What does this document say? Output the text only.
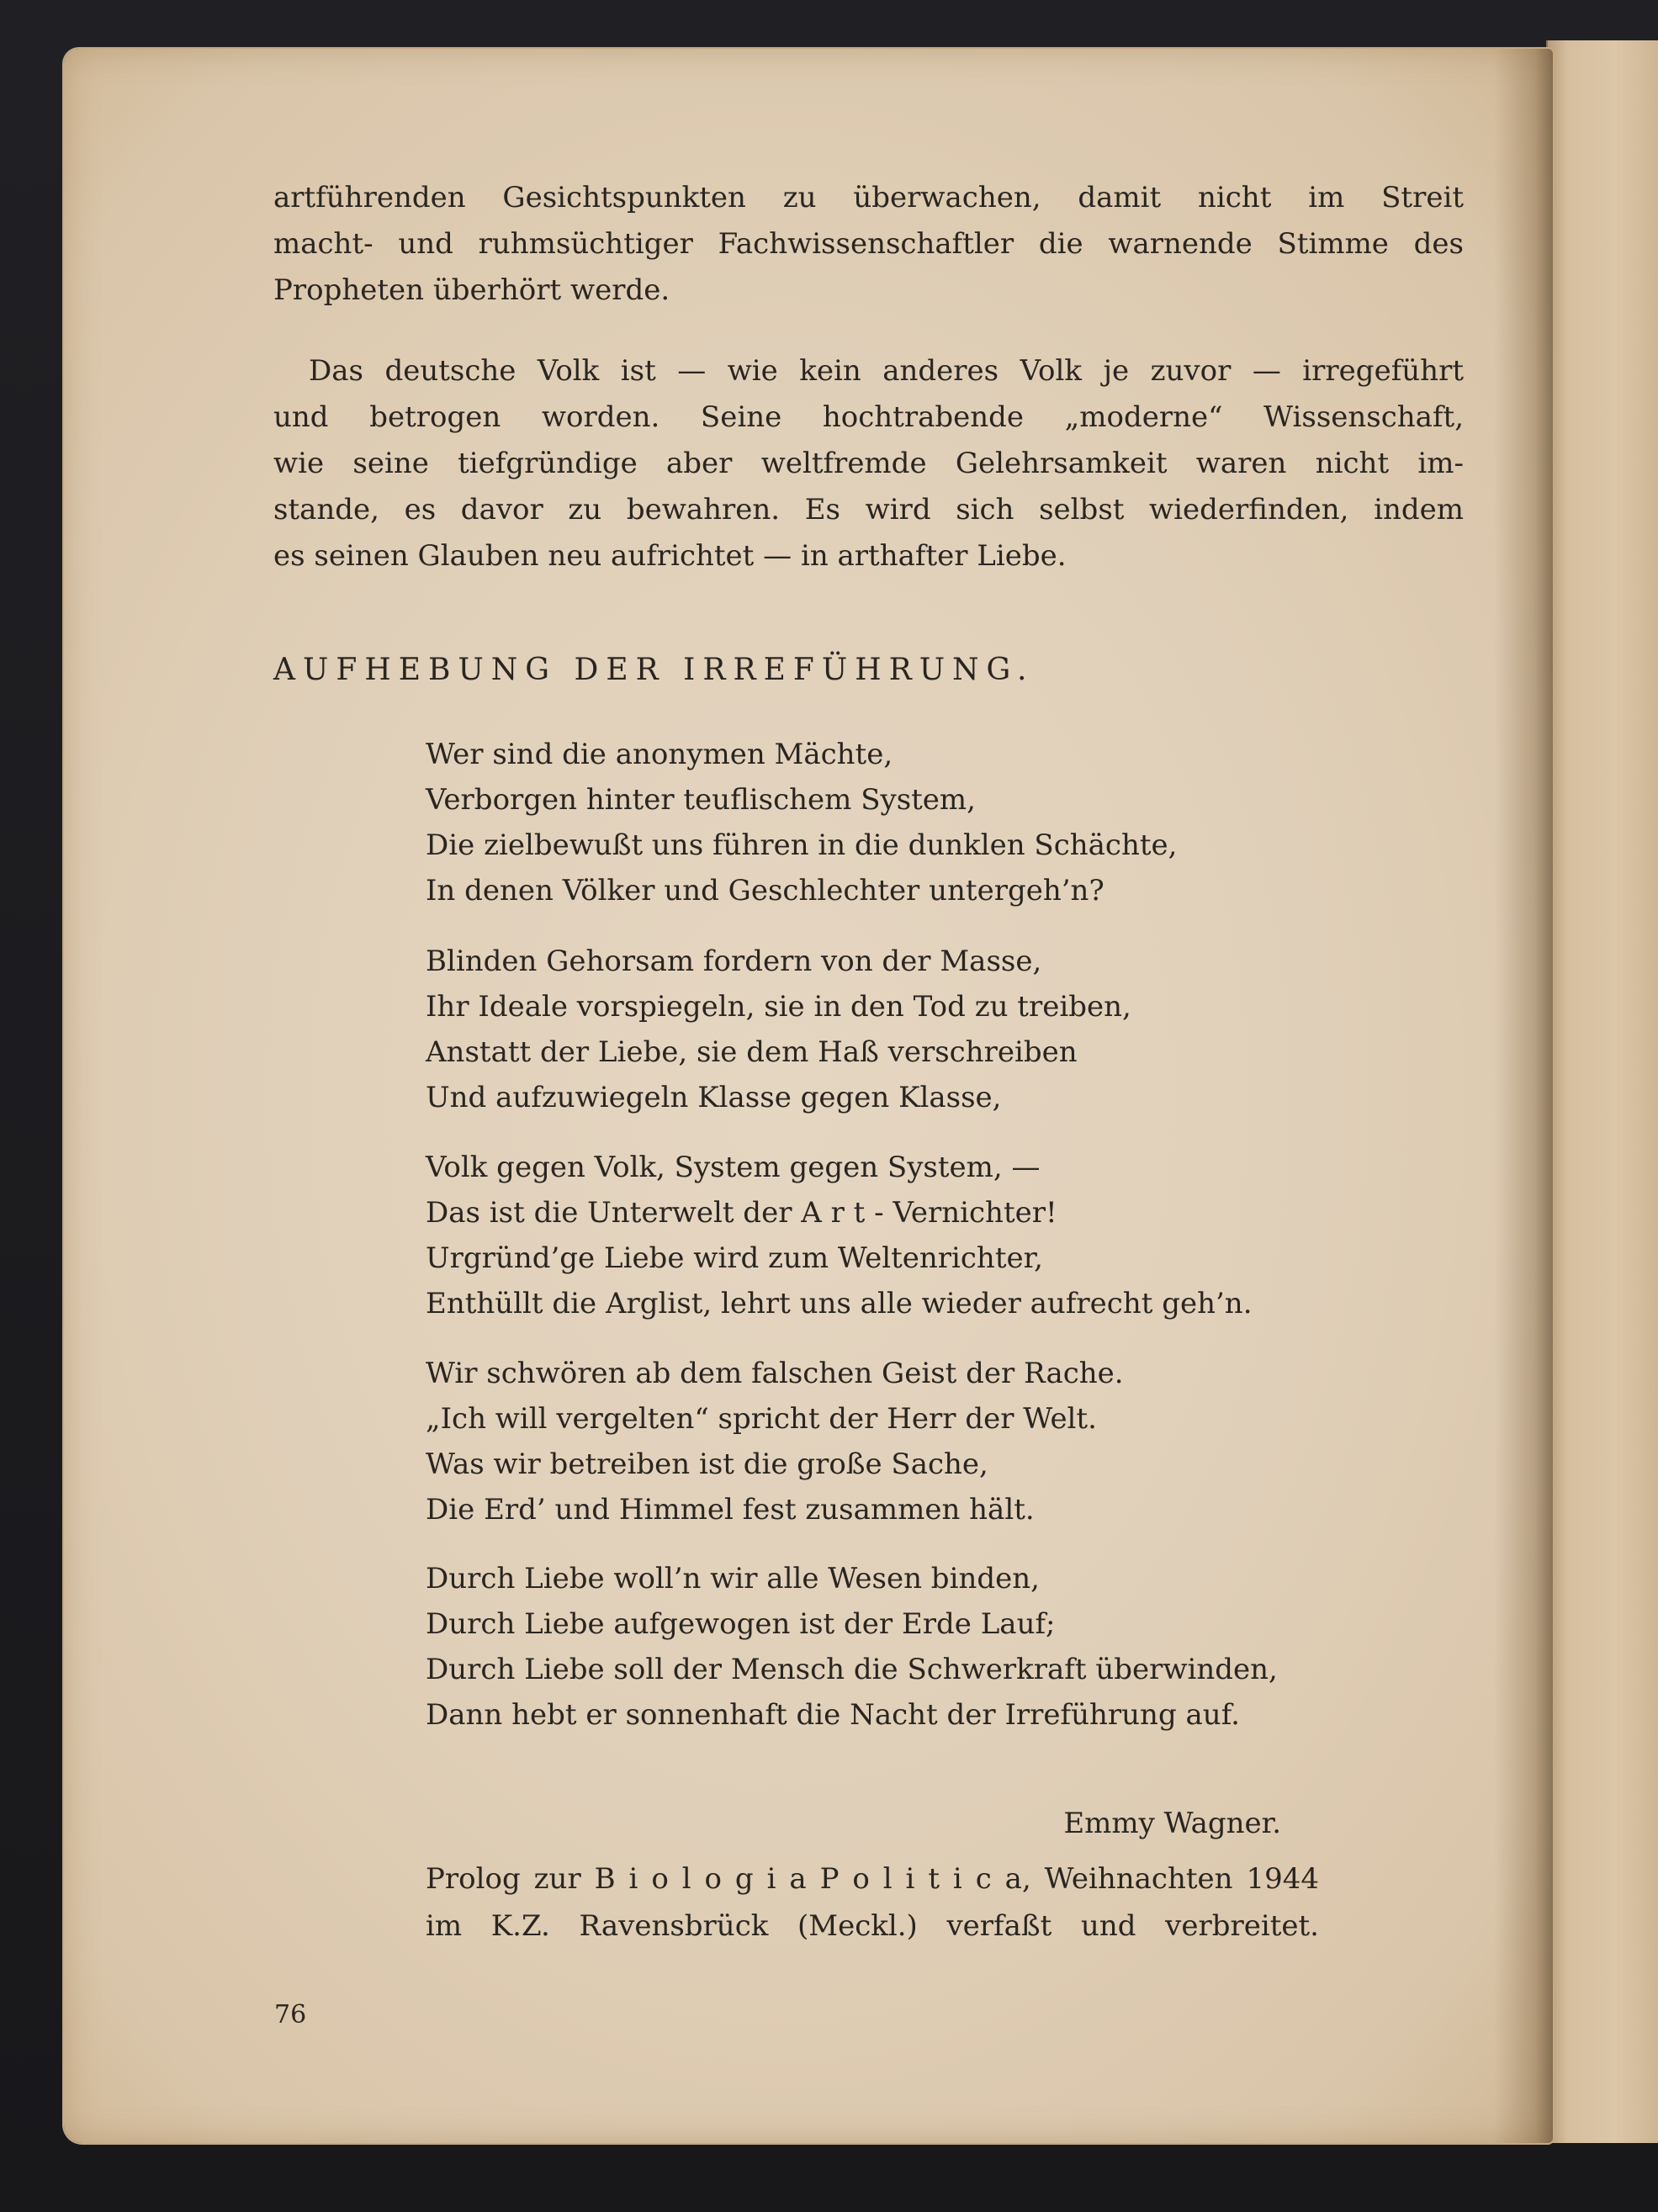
artführenden Gesichtspunkten zu überwachen, damit nicht im Streit
macht- und ruhmsüchtiger Fachwissenschaftler die warnende Stimme des
Propheten überhört werde.
Das deutsche Volk ist — wie kein anderes Volk je zuvor — irregeführt
und betrogen worden. Seine hochtrabende „moderne“ Wissenschaft,
wie seine tiefgründige aber weltfremde Gelehrsamkeit waren nicht im-
stande, es davor zu bewahren. Es wird sich selbst wiederfinden, indem
es seinen Glauben neu aufrichtet — in arthafter Liebe.
AUFHEBUNG DER IRREFÜHRUNG.
Wer sind die anonymen Mächte,
Verborgen hinter teuflischem System,
Die zielbewußt uns führen in die dunklen Schächte,
In denen Völker und Geschlechter untergeh’n?
Blinden Gehorsam fordern von der Masse,
Ihr Ideale vorspiegeln, sie in den Tod zu treiben,
Anstatt der Liebe, sie dem Haß verschreiben
Und aufzuwiegeln Klasse gegen Klasse,
Volk gegen Volk, System gegen System, —
Das ist die Unterwelt der A r t - Vernichter!
Urgründ’ge Liebe wird zum Weltenrichter,
Enthüllt die Arglist, lehrt uns alle wieder aufrecht geh’n.
Wir schwören ab dem falschen Geist der Rache.
„Ich will vergelten“ spricht der Herr der Welt.
Was wir betreiben ist die große Sache,
Die Erd’ und Himmel fest zusammen hält.
Durch Liebe woll’n wir alle Wesen binden,
Durch Liebe aufgewogen ist der Erde Lauf;
Durch Liebe soll der Mensch die Schwerkraft überwinden,
Dann hebt er sonnenhaft die Nacht der Irreführung auf.
Emmy Wagner.
Prolog zur B i o l o g i a P o l i t i c a, Weihnachten 1944
im K.Z. Ravensbrück (Meckl.) verfaßt und verbreitet.
76
